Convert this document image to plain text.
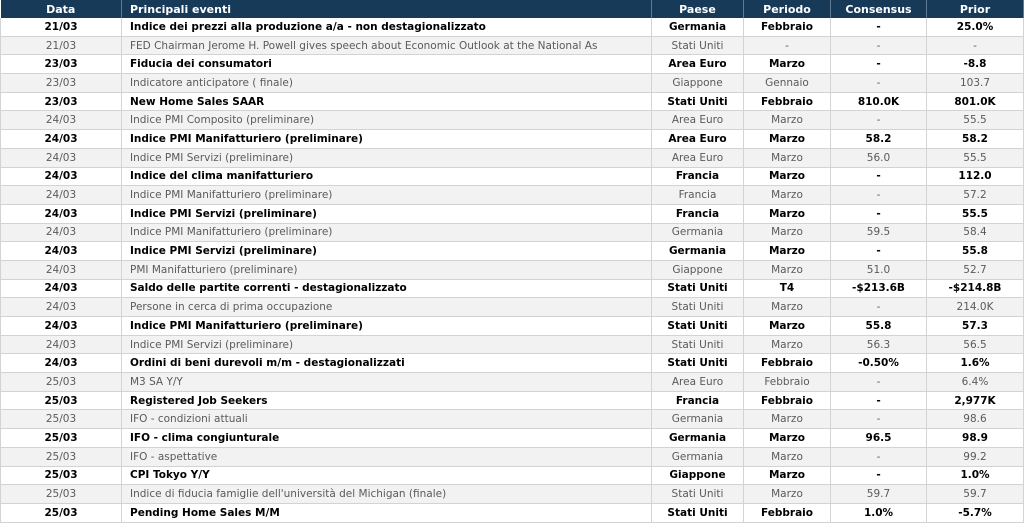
Data	Principali eventi	Paese	Periodo	Consensus	Prior
21/03	Indice dei prezzi alla produzione a/a - non destagionalizzato	Germania	Febbraio	-	25.0%
21/03	FED Chairman Jerome H. Powell gives speech about Economic Outlook at the National As	Stati Uniti	-	-	-
23/03	Fiducia dei consumatori	Area Euro	Marzo	-	-8.8
23/03	Indicatore anticipatore ( finale)	Giappone	Gennaio	-	103.7
23/03	New Home Sales SAAR	Stati Uniti	Febbraio	810.0K	801.0K
24/03	Indice PMI Composito (preliminare)	Area Euro	Marzo	-	55.5
24/03	Indice PMI Manifatturiero (preliminare)	Area Euro	Marzo	58.2	58.2
24/03	Indice PMI Servizi (preliminare)	Area Euro	Marzo	56.0	55.5
24/03	Indice del clima manifatturiero	Francia	Marzo	-	112.0
24/03	Indice PMI Manifatturiero (preliminare)	Francia	Marzo	-	57.2
24/03	Indice PMI Servizi (preliminare)	Francia	Marzo	-	55.5
24/03	Indice PMI Manifatturiero (preliminare)	Germania	Marzo	59.5	58.4
24/03	Indice PMI Servizi (preliminare)	Germania	Marzo	-	55.8
24/03	PMI Manifatturiero (preliminare)	Giappone	Marzo	51.0	52.7
24/03	Saldo delle partite correnti - destagionalizzato	Stati Uniti	T4	-$213.6B	-$214.8B
24/03	Persone in cerca di prima occupazione	Stati Uniti	Marzo	-	214.0K
24/03	Indice PMI Manifatturiero (preliminare)	Stati Uniti	Marzo	55.8	57.3
24/03	Indice PMI Servizi (preliminare)	Stati Uniti	Marzo	56.3	56.5
24/03	Ordini di beni durevoli m/m - destagionalizzati	Stati Uniti	Febbraio	-0.50%	1.6%
25/03	M3 SA Y/Y	Area Euro	Febbraio	-	6.4%
25/03	Registered Job Seekers	Francia	Febbraio	-	2,977K
25/03	IFO - condizioni attuali	Germania	Marzo	-	98.6
25/03	IFO - clima congiunturale	Germania	Marzo	96.5	98.9
25/03	IFO - aspettative	Germania	Marzo	-	99.2
25/03	CPI Tokyo Y/Y	Giappone	Marzo	-	1.0%
25/03	Indice di fiducia famiglie dell'università del Michigan (finale)	Stati Uniti	Marzo	59.7	59.7
25/03	Pending Home Sales M/M	Stati Uniti	Febbraio	1.0%	-5.7%
